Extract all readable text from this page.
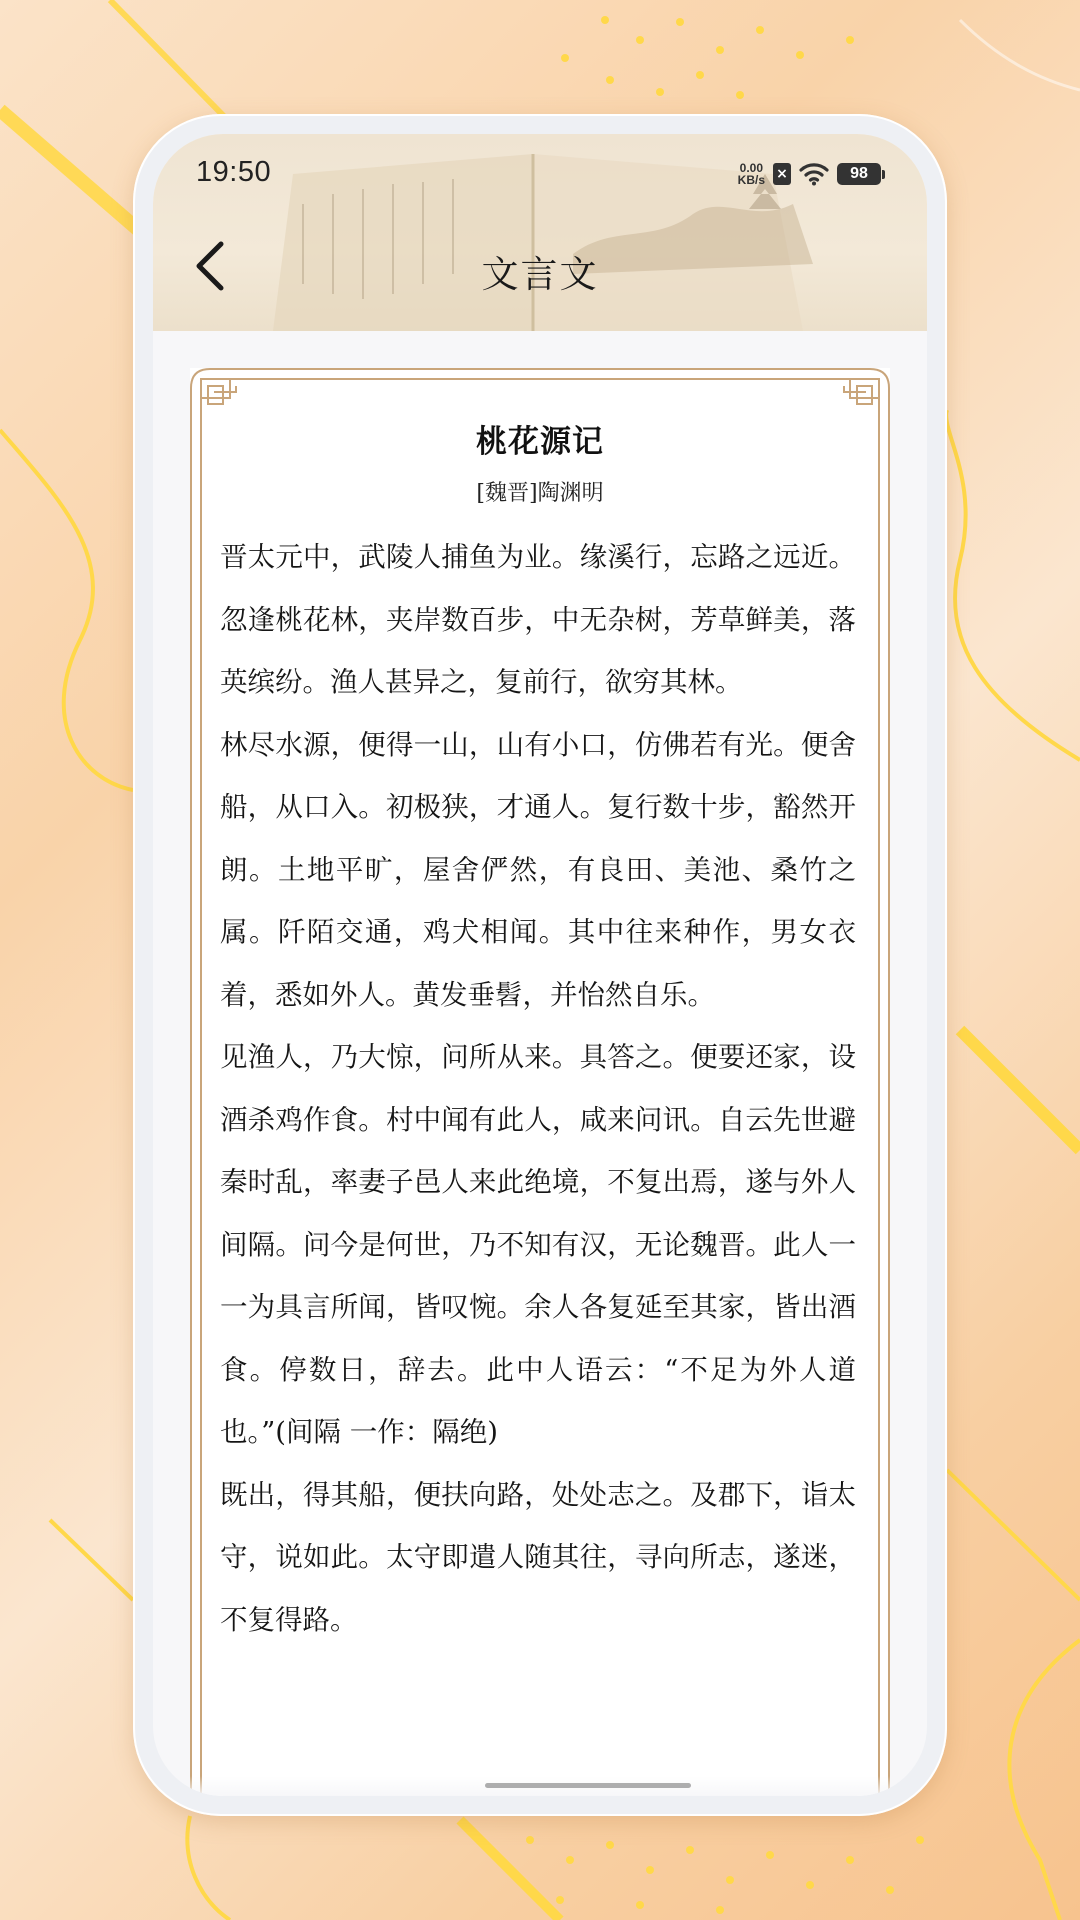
19:50	0.00
KB/s ×	98
文言文
桃花源记
[魏晋]陶渊明

晋太元中，武陵人捕鱼为业。缘溪行，忘路之远近。忽逢桃花林，夹岸数百步，中无杂树，芳草鲜美，落英缤纷。渔人甚异之，复前行，欲穷其林。

林尽水源，便得一山，山有小口，仿佛若有光。便舍船，从口入。初极狭，才通人。复行数十步，豁然开朗。土地平旷，屋舍俨然，有良田、美池、桑竹之属。阡陌交通，鸡犬相闻。其中往来种作，男女衣着，悉如外人。黄发垂髫，并怡然自乐。

见渔人，乃大惊，问所从来。具答之。便要还家，设酒杀鸡作食。村中闻有此人，咸来问讯。自云先世避秦时乱，率妻子邑人来此绝境，不复出焉，遂与外人间隔。问今是何世，乃不知有汉，无论魏晋。此人一一为具言所闻，皆叹惋。余人各复延至其家，皆出酒食。停数日，辞去。此中人语云：“不足为外人道也。”(间隔 一作：隔绝)

既出，得其船，便扶向路，处处志之。及郡下，诣太守，说如此。太守即遣人随其往，寻向所志，遂迷，不复得路。
